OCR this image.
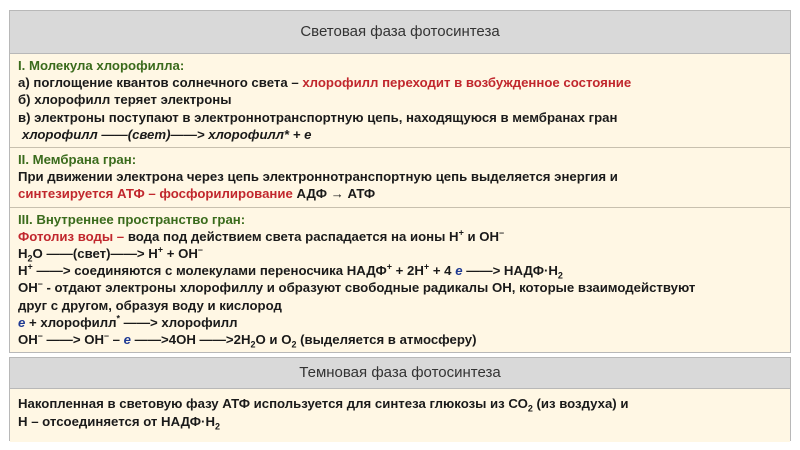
Световая фаза фотосинтеза
I. Молекула хлорофилла:
а) поглощение квантов солнечного света – хлорофилл переходит в возбужденное состояние
б) хлорофилл теряет электроны
в) электроны поступают в электроннотранспортную цепь, находящуюся в мембранах гран
хлорофилл ——(свет)——> хлорофилл* + е
II. Мембрана гран:
При движении электрона через цепь электроннотранспортную цепь выделяется энергия и
синтезируется АТФ – фосфорилирование АДФ → АТФ
III. Внутреннее пространство гран:
Фотолиз воды – вода под действием света распадается на ионы Н+ и ОН–
$Н_2О$ ——(свет)——> Н+ + ОН–
Н+ ——> соединяются с молекулами переносчика НАДФ+ + 2Н+ + 4 е ——> $НАДФ\cdot Н_2$
ОН– - отдают электроны хлорофиллу и образуют свободные радикалы ОН, которые взаимодействуют
друг с другом, образуя воду и кислород
е + хлорофилл* ——> хлорофилл
ОН– ——> ОН– – е ——>4ОН $——>2Н_2О$ и $О_2$ (выделяется в атмосферу)
Темновая фаза фотосинтеза
Накопленная в световую фазу АТФ используется для синтеза глюкозы из $СО_2$ (из воздуха) и
Н – отсоединяется от $НАДФ\cdot Н_2$
